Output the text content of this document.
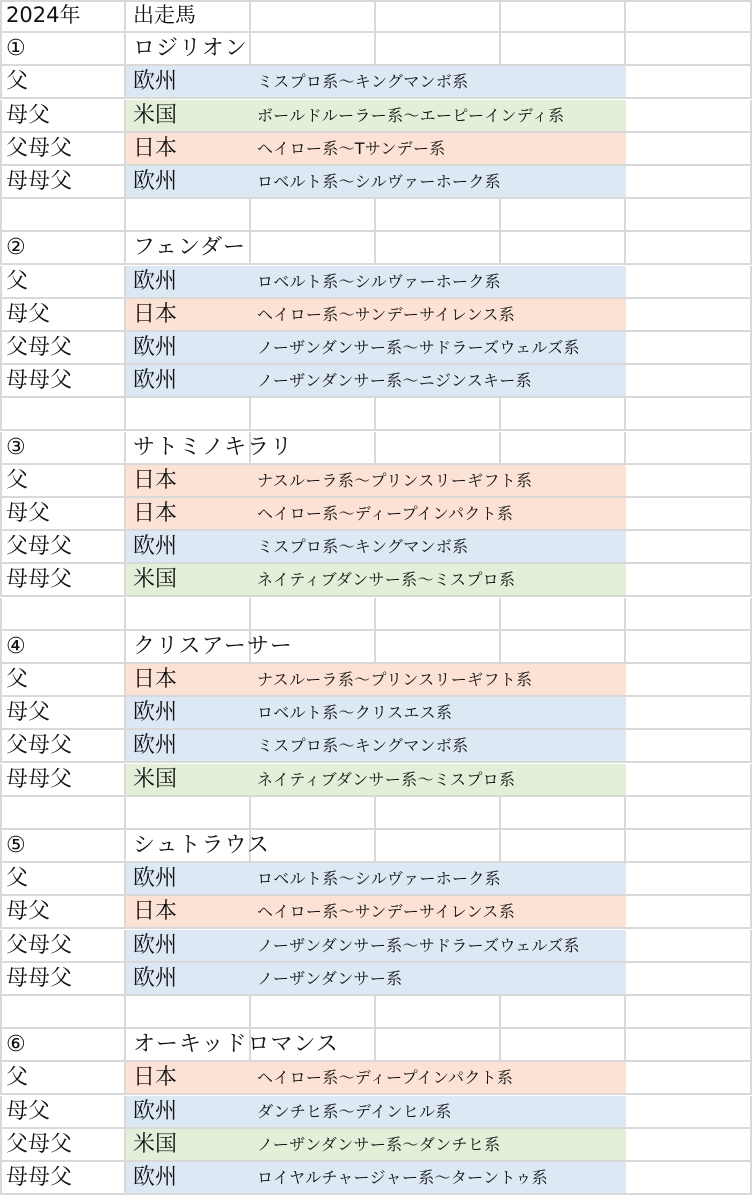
2024年	出走馬
①	ロジリオン
父	欧州	ミスプロ系〜キングマンボ系
母父	米国	ボールドルーラー系〜エーピーインディ系
父母父	日本	ヘイロー系〜Tサンデー系
母母父	欧州	ロベルト系〜シルヴァーホーク系
②	フェンダー
父	欧州	ロベルト系〜シルヴァーホーク系
母父	日本	ヘイロー系〜サンデーサイレンス系
父母父	欧州	ノーザンダンサー系〜サドラーズウェルズ系
母母父	欧州	ノーザンダンサー系〜ニジンスキー系
③	サトミノキラリ
父	日本	ナスルーラ系〜プリンスリーギフト系
母父	日本	ヘイロー系〜ディープインパクト系
父母父	欧州	ミスプロ系〜キングマンボ系
母母父	米国	ネイティブダンサー系〜ミスプロ系
④	クリスアーサー
父	日本	ナスルーラ系〜プリンスリーギフト系
母父	欧州	ロベルト系〜クリスエス系
父母父	欧州	ミスプロ系〜キングマンボ系
母母父	米国	ネイティブダンサー系〜ミスプロ系
⑤	シュトラウス
父	欧州	ロベルト系〜シルヴァーホーク系
母父	日本	ヘイロー系〜サンデーサイレンス系
父母父	欧州	ノーザンダンサー系〜サドラーズウェルズ系
母母父	欧州	ノーザンダンサー系
⑥	オーキッドロマンス
父	日本	ヘイロー系〜ディープインパクト系
母父	欧州	ダンチヒ系〜デインヒル系
父母父	米国	ノーザンダンサー系〜ダンチヒ系
母母父	欧州	ロイヤルチャージャー系〜ターントゥ系
